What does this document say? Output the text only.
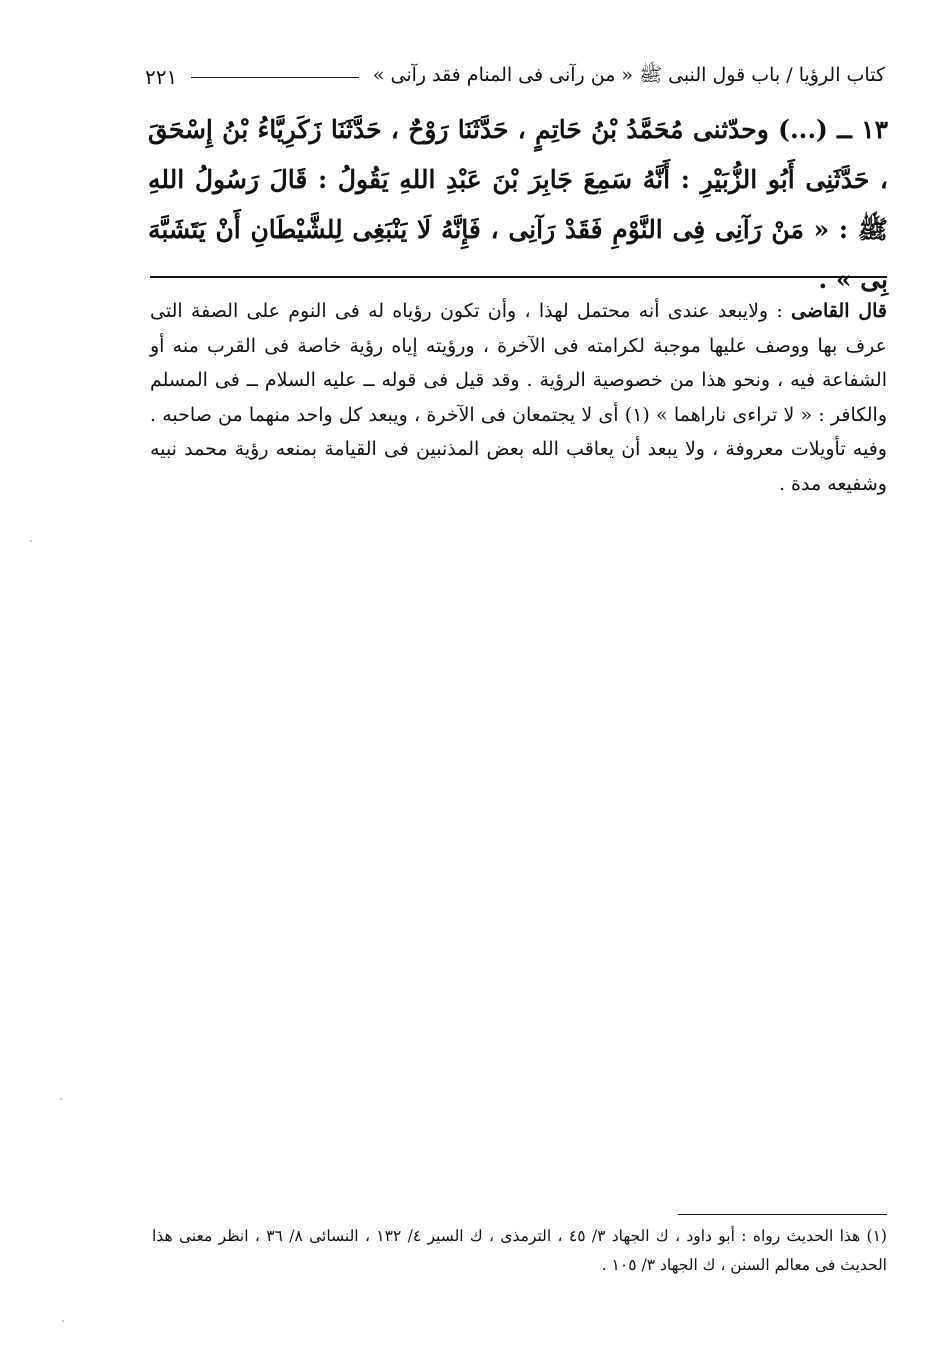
كتاب الرؤيا / باب قول النبى ﷺ « من رآنى فى المنام فقد رآنى »
٢٢١

١٣ ــ (...) وحدّثنى مُحَمَّدُ بْنُ حَاتِمٍ ، حَدَّثَنَا رَوْحٌ ، حَدَّثَنَا زَكَرِيَّاءُ بْنُ إِسْحَقَ ، حَدَّثَنِى أَبُو الزُّبَيْرِ : أَنَّهُ سَمِعَ جَابِرَ بْنَ عَبْدِ اللهِ يَقُولُ : قَالَ رَسُولُ اللهِ ﷺ : « مَنْ رَآنِى فِى النَّوْمِ فَقَدْ رَآنِى ، فَإِنَّهُ لَا يَنْبَغِى لِلشَّيْطَانِ أَنْ يَتَشَبَّهَ بِى » .

قال القاضى : ولايبعد عندى أنه محتمل لهذا ، وأن تكون رؤياه له فى النوم على الصفة التى عرف بها ووصف عليها موجبة لكرامته فى الآخرة ، ورؤيته إياه رؤية خاصة فى القرب منه أو الشفاعة فيه ، ونحو هذا من خصوصية الرؤية . وقد قيل فى قوله ــ عليه السلام ــ فى المسلم والكافر : « لا تراءى ناراهما » (١) أى لا يجتمعان فى الآخرة ، ويبعد كل واحد منهما من صاحبه . وفيه تأويلات معروفة ، ولا يبعد أن يعاقب الله بعض المذنبين فى القيامة بمنعه رؤية محمد نبيه وشفيعه مدة .

(١) هذا الحديث رواه : أبو داود ، ك الجهاد ٣/ ٤٥ ، الترمذى ، ك السير ٤/ ١٣٢ ، النسائى ٨/ ٣٦ ، انظر معنى هذا الحديث فى معالم السنن ، ك الجهاد ٣/ ١٠٥ .
